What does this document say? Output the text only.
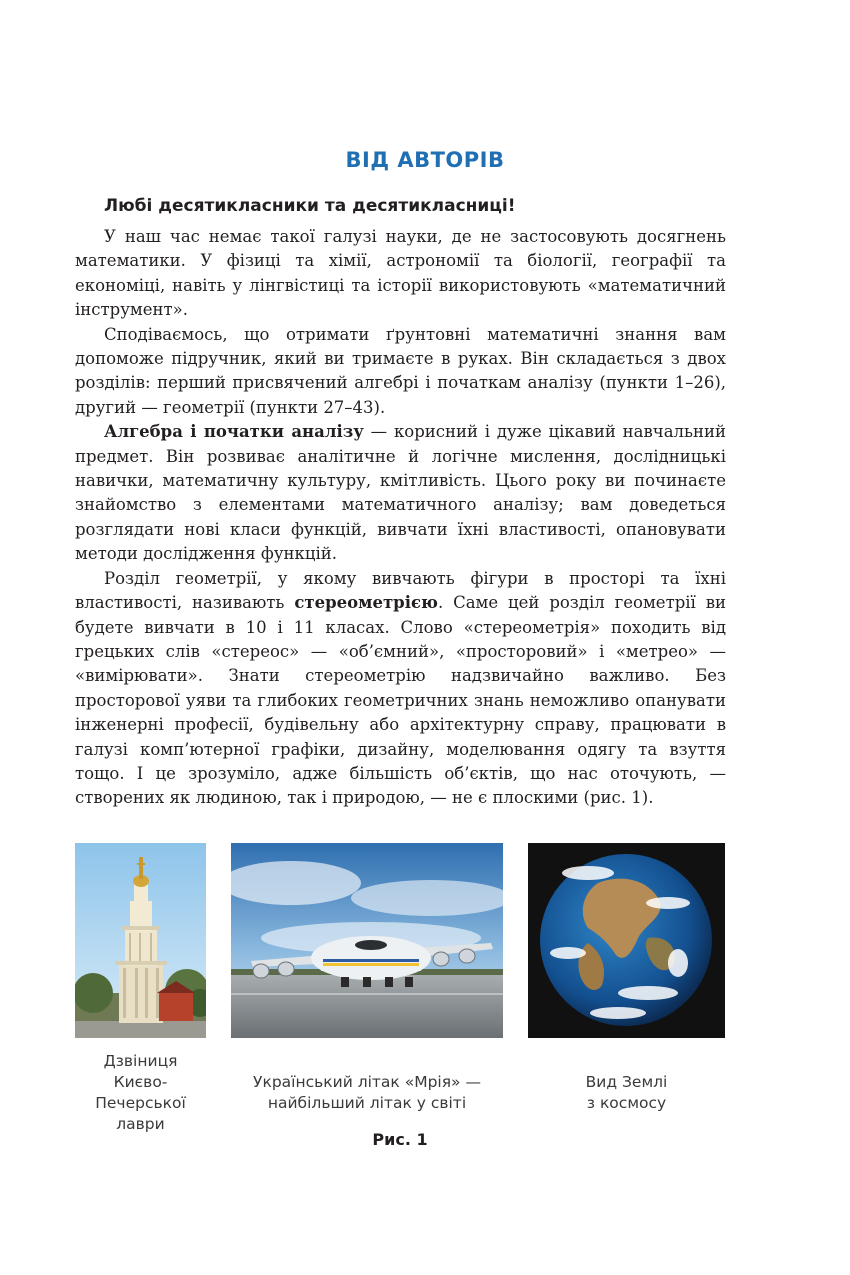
ВІД АВТОРІВ
Любі десятикласники та десятикласниці!

У наш час немає такої галузі науки, де не застосовують досягнень математики. У фізиці та хімії, астрономії та біології, географії та економіці, навіть у лінгвістиці та історії використовують «математичний інструмент».

Сподіваємось, що отримати ґрунтовні математичні знання вам допоможе підручник, який ви тримаєте в руках. Він складається з двох розділів: перший присвячений алгебрі і початкам аналізу (пункти 1–26), другий — геометрії (пункти 27–43).

Алгебра і початки аналізу — корисний і дуже цікавий навчальний предмет. Він розвиває аналітичне й логічне мислення, дослідницькі навички, математичну культуру, кмітливість. Цього року ви починаєте знайомство з елементами математичного аналізу; вам доведеться розглядати нові класи функцій, вивчати їхні властивості, опановувати методи дослідження функцій.

Розділ геометрії, у якому вивчають фігури в просторі та їхні властивості, називають стереометрією. Саме цей розділ геометрії ви будете вивчати в 10 і 11 класах. Слово «стереометрія» походить від грецьких слів «стереос» — «об’ємний», «просторовий» і «метрео» — «вимірювати». Знати стереометрію надзвичайно важливо. Без просторової уяви та глибоких геометричних знань неможливо опанувати інженерні професії, будівельну або архітектурну справу, працювати в галузі комп’ютерної графіки, дизайну, моделювання одягу та взуття тощо. І це зрозуміло, адже більшість об’єктів, що нас оточують, — створених як людиною, так і природою, — не є плоскими (рис. 1).

Дзвіниця
Києво-
Печерської
лаври
Український літак «Мрія» —
найбільший літак у світі
Вид Землі
з космосу
Рис. 1
